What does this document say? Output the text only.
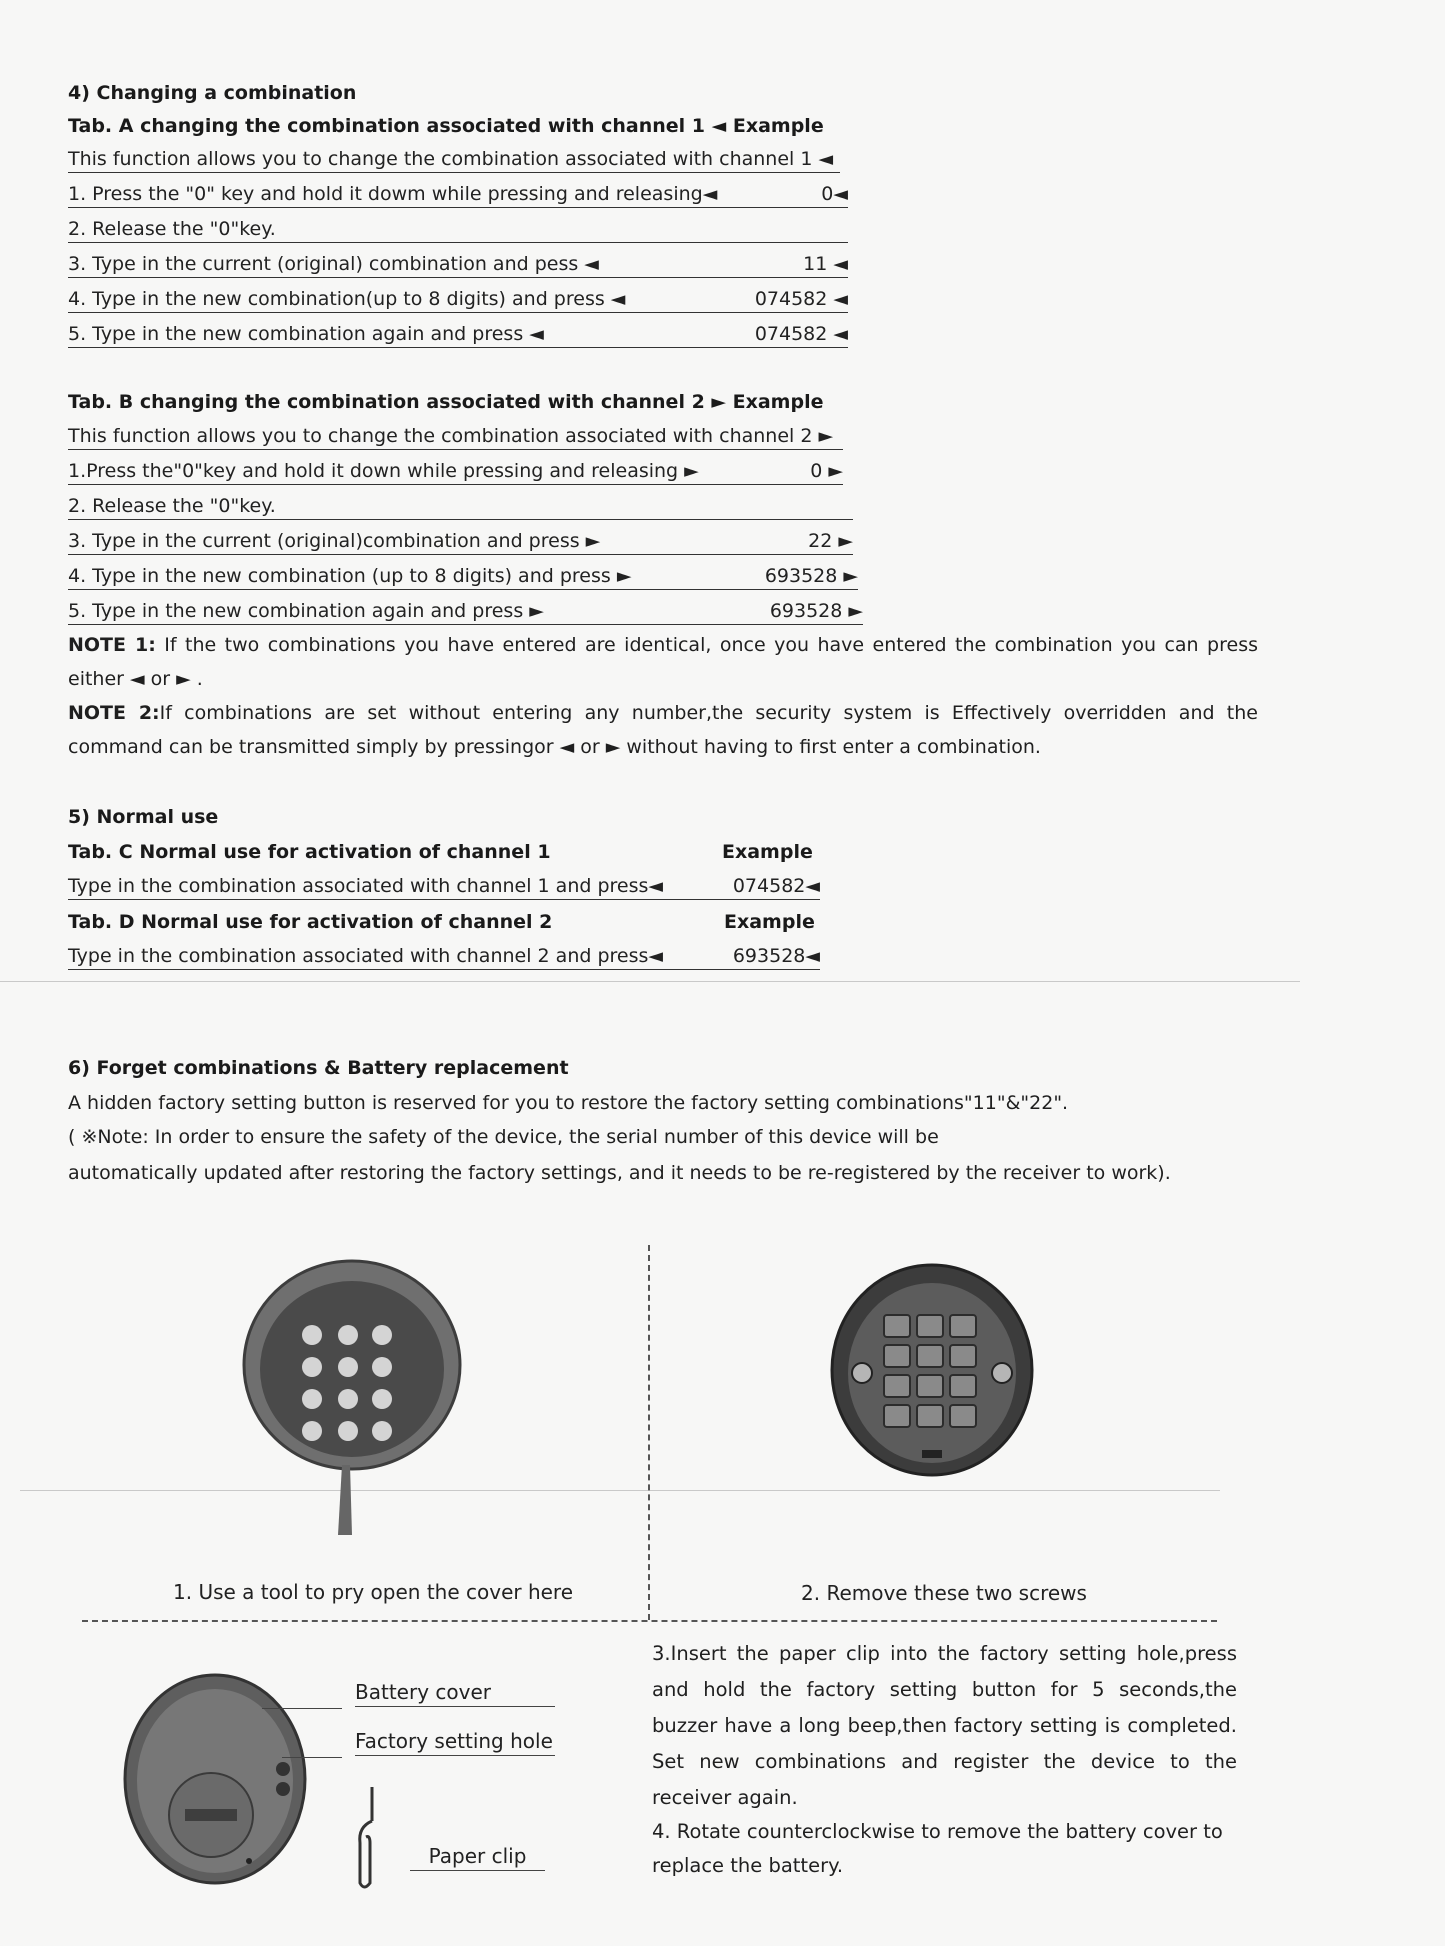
4) Changing a combination
Tab. A changing the combination associated with channel 1 ◄ Example
This function allows you to change the combination associated with channel 1 ◄
1. Press the "0" key and hold it dowm while pressing and releasing◄	0◄
2. Release the "0"key.
3. Type in the current (original) combination and pess ◄	11 ◄
4. Type in the new combination(up to 8 digits) and press ◄	074582 ◄
5. Type in the new combination again and press ◄	074582 ◄
Tab. B changing the combination associated with channel 2 ► Example
This function allows you to change the combination associated with channel 2 ►
1.Press the"0"key and hold it down while pressing and releasing ►	0 ►
2. Release the "0"key.
3. Type in the current (original)combination and press ►	22 ►
4. Type in the new combination (up to 8 digits) and press ►	693528 ►
5. Type in the new combination again and press ►	693528 ►
NOTE 1: If the two combinations you have entered are identical, once you have entered the combination you can press either ◄ or ► .
NOTE 2:If combinations are set without entering any number,the security system is Effectively overridden and the command can be transmitted simply by pressingor ◄ or ► without having to first enter a combination.
5) Normal use
Tab. C Normal use for activation of channel 1	Example
Type in the combination associated with channel 1 and press◄	074582◄
Tab. D Normal use for activation of channel 2	Example
Type in the combination associated with channel 2 and press◄	693528◄
6) Forget combinations & Battery replacement
A hidden factory setting button is reserved for you to restore the factory setting combinations"11"&"22".
( ※Note: In order to ensure the safety of the device, the serial number of this device will be
automatically updated after restoring the factory settings, and it needs to be re-registered by the receiver to work).
1. Use a tool to pry open the cover here	2. Remove these two screws
Battery cover
Factory setting hole
Paper clip
3.Insert the paper clip into the factory setting hole,press and hold the factory setting button for 5 seconds,the buzzer have a long beep,then factory setting is completed. Set new combinations and register the device to the receiver again.
4. Rotate counterclockwise to remove the battery cover to replace the battery.
